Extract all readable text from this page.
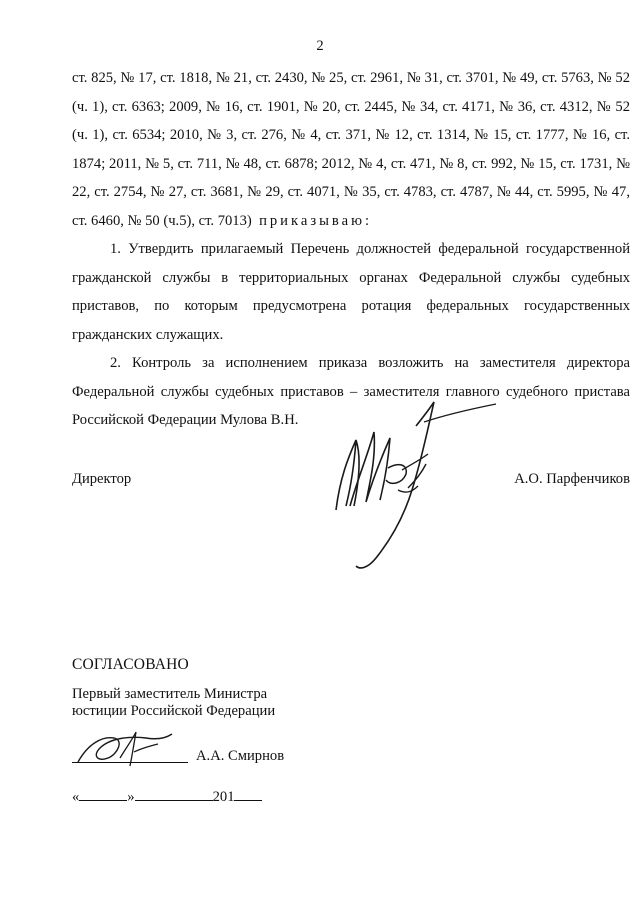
2

ст. 825, № 17, ст. 1818, № 21, ст. 2430, № 25, ст. 2961, № 31, ст. 3701, № 49, ст. 5763, № 52 (ч. 1), ст. 6363; 2009, № 16, ст. 1901, № 20, ст. 2445, № 34, ст. 4171, № 36, ст. 4312, № 52 (ч. 1), ст. 6534; 2010, № 3, ст. 276, № 4, ст. 371, № 12, ст. 1314, № 15, ст. 1777, № 16, ст. 1874; 2011, № 5, ст. 711, № 48, ст. 6878; 2012, № 4, ст. 471, № 8, ст. 992, № 15, ст. 1731, № 22, ст. 2754, № 27, ст. 3681, № 29, ст. 4071, № 35, ст. 4783, ст. 4787, № 44, ст. 5995, № 47, ст. 6460, № 50 (ч.5), ст. 7013) приказываю:

1. Утвердить прилагаемый Перечень должностей федеральной государственной гражданской службы в территориальных органах Федеральной службы судебных приставов, по которым предусмотрена ротация федеральных государственных гражданских служащих.

2. Контроль за исполнением приказа возложить на заместителя директора Федеральной службы судебных приставов – заместителя главного судебного пристава Российской Федерации Мулова В.Н.

Директор	А.О. Парфенчиков
СОГЛАСОВАНО
Первый заместитель Министра
юстиции Российской Федерации
А.А. Смирнов
«	»	201
